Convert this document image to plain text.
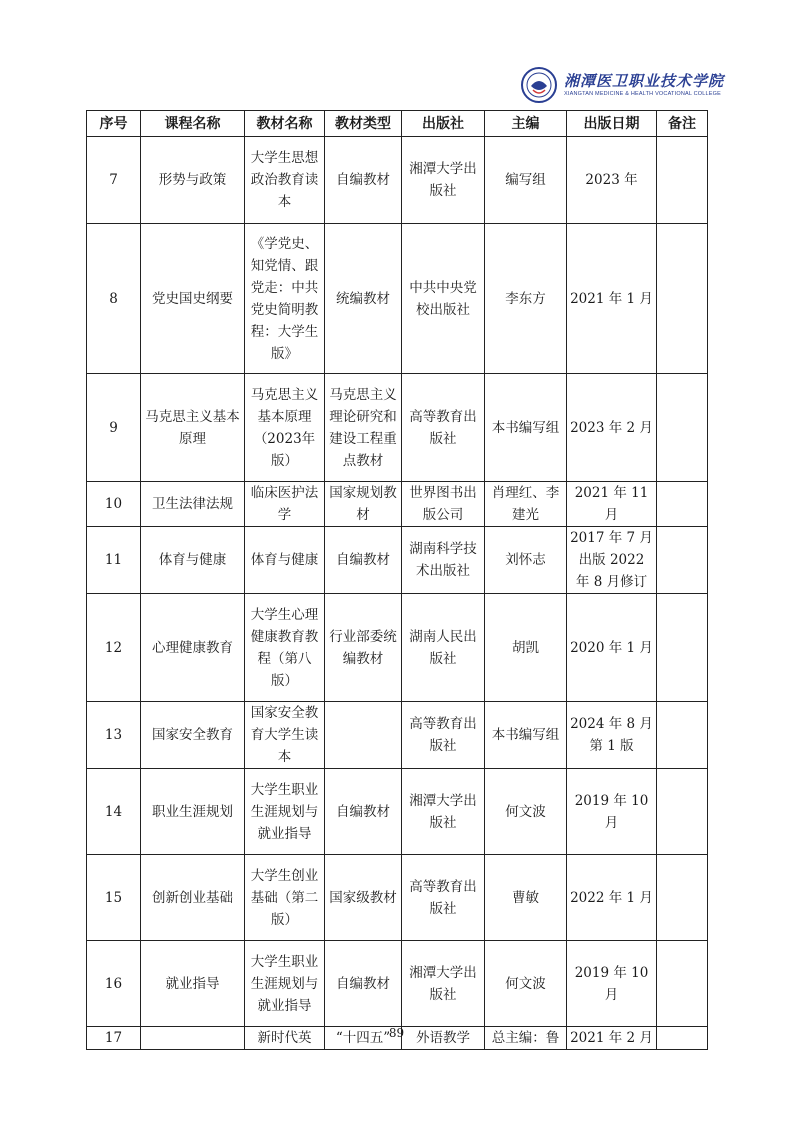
湘潭医卫职业技术学院
XIANGTAN MEDICINE & HEALTH VOCATIONAL COLLEGE
序号	课程名称	教材名称	教材类型	出版社	主编	出版日期	备注
7	形势与政策	大学生思想政治教育读本	自编教材	湘潭大学出版社	编写组	2023 年	
8	党史国史纲要	《学党史、知党情、跟党走：中共党史简明教程：大学生版》	统编教材	中共中央党校出版社	李东方	2021 年 1 月	
9	马克思主义基本原理	马克思主义基本原理（2023年版）	马克思主义理论研究和建设工程重点教材	高等教育出版社	本书编写组	2023 年 2 月	
10	卫生法律法规	临床医护法学	国家规划教材	世界图书出版公司	肖理红、李建光	2021 年 11 月	
11	体育与健康	体育与健康	自编教材	湖南科学技术出版社	刘怀志	2017 年 7 月出版 2022 年 8 月修订	
12	心理健康教育	大学生心理健康教育教程（第八版）	行业部委统编教材	湖南人民出版社	胡凯	2020 年 1 月	
13	国家安全教育	国家安全教育大学生读本		高等教育出版社	本书编写组	2024 年 8 月第 1 版	
14	职业生涯规划	大学生职业生涯规划与就业指导	自编教材	湘潭大学出版社	何文波	2019 年 10 月	
15	创新创业基础	大学生创业基础（第二版）	国家级教材	高等教育出版社	曹敏	2022 年 1 月	
16	就业指导	大学生职业生涯规划与就业指导	自编教材	湘潭大学出版社	何文波	2019 年 10 月	
17		新时代英	“十四五”	外语教学	总主编：鲁	2021 年 2 月	
89
